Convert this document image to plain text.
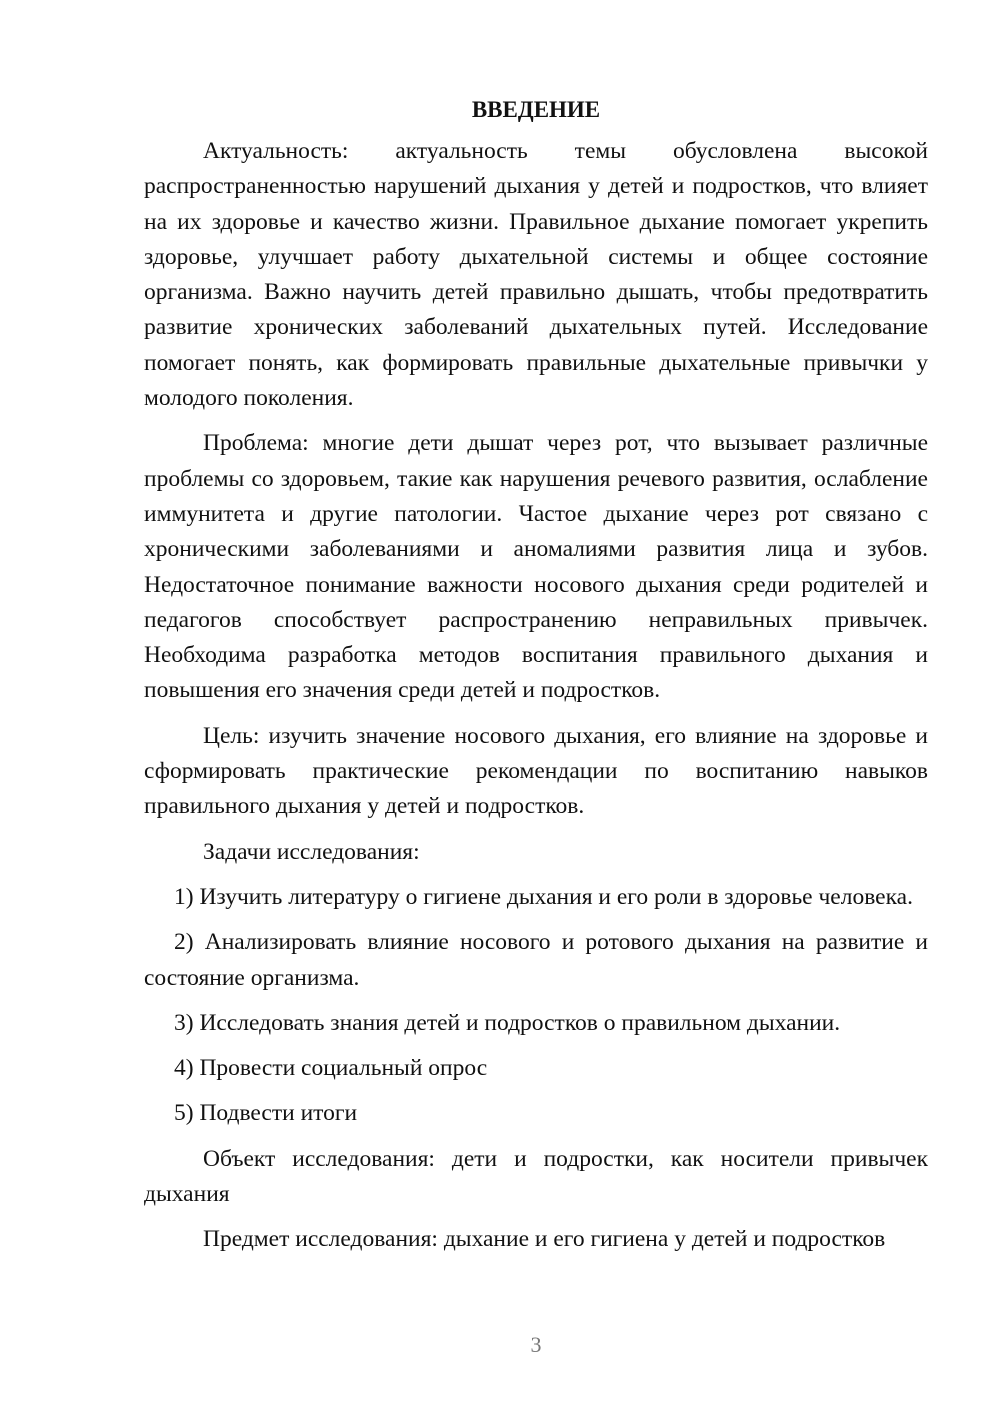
ВВЕДЕНИЕ

Актуальность: актуальность темы обусловлена высокой распространенностью нарушений дыхания у детей и подростков, что влияет на их здоровье и качество жизни. Правильное дыхание помогает укрепить здоровье, улучшает работу дыхательной системы и общее состояние организма. Важно научить детей правильно дышать, чтобы предотвратить развитие хронических заболеваний дыхательных путей. Исследование помогает понять, как формировать правильные дыхательные привычки у молодого поколения.

Проблема: многие дети дышат через рот, что вызывает различные проблемы со здоровьем, такие как нарушения речевого развития, ослабление иммунитета и другие патологии. Частое дыхание через рот связано с хроническими заболеваниями и аномалиями развития лица и зубов. Недостаточное понимание важности носового дыхания среди родителей и педагогов способствует распространению неправильных привычек. Необходима разработка методов воспитания правильного дыхания и повышения его значения среди детей и подростков.

Цель: изучить значение носового дыхания, его влияние на здоровье и сформировать практические рекомендации по воспитанию навыков правильного дыхания у детей и подростков.

Задачи исследования:

1) Изучить литературу о гигиене дыхания и его роли в здоровье человека.

2) Анализировать влияние носового и ротового дыхания на развитие и состояние организма.

3) Исследовать знания детей и подростков о правильном дыхании.

4) Провести социальный опрос

5) Подвести итоги

Объект исследования: дети и подростки, как носители привычек дыхания

Предмет исследования: дыхание и его гигиена у детей и подростков

3
